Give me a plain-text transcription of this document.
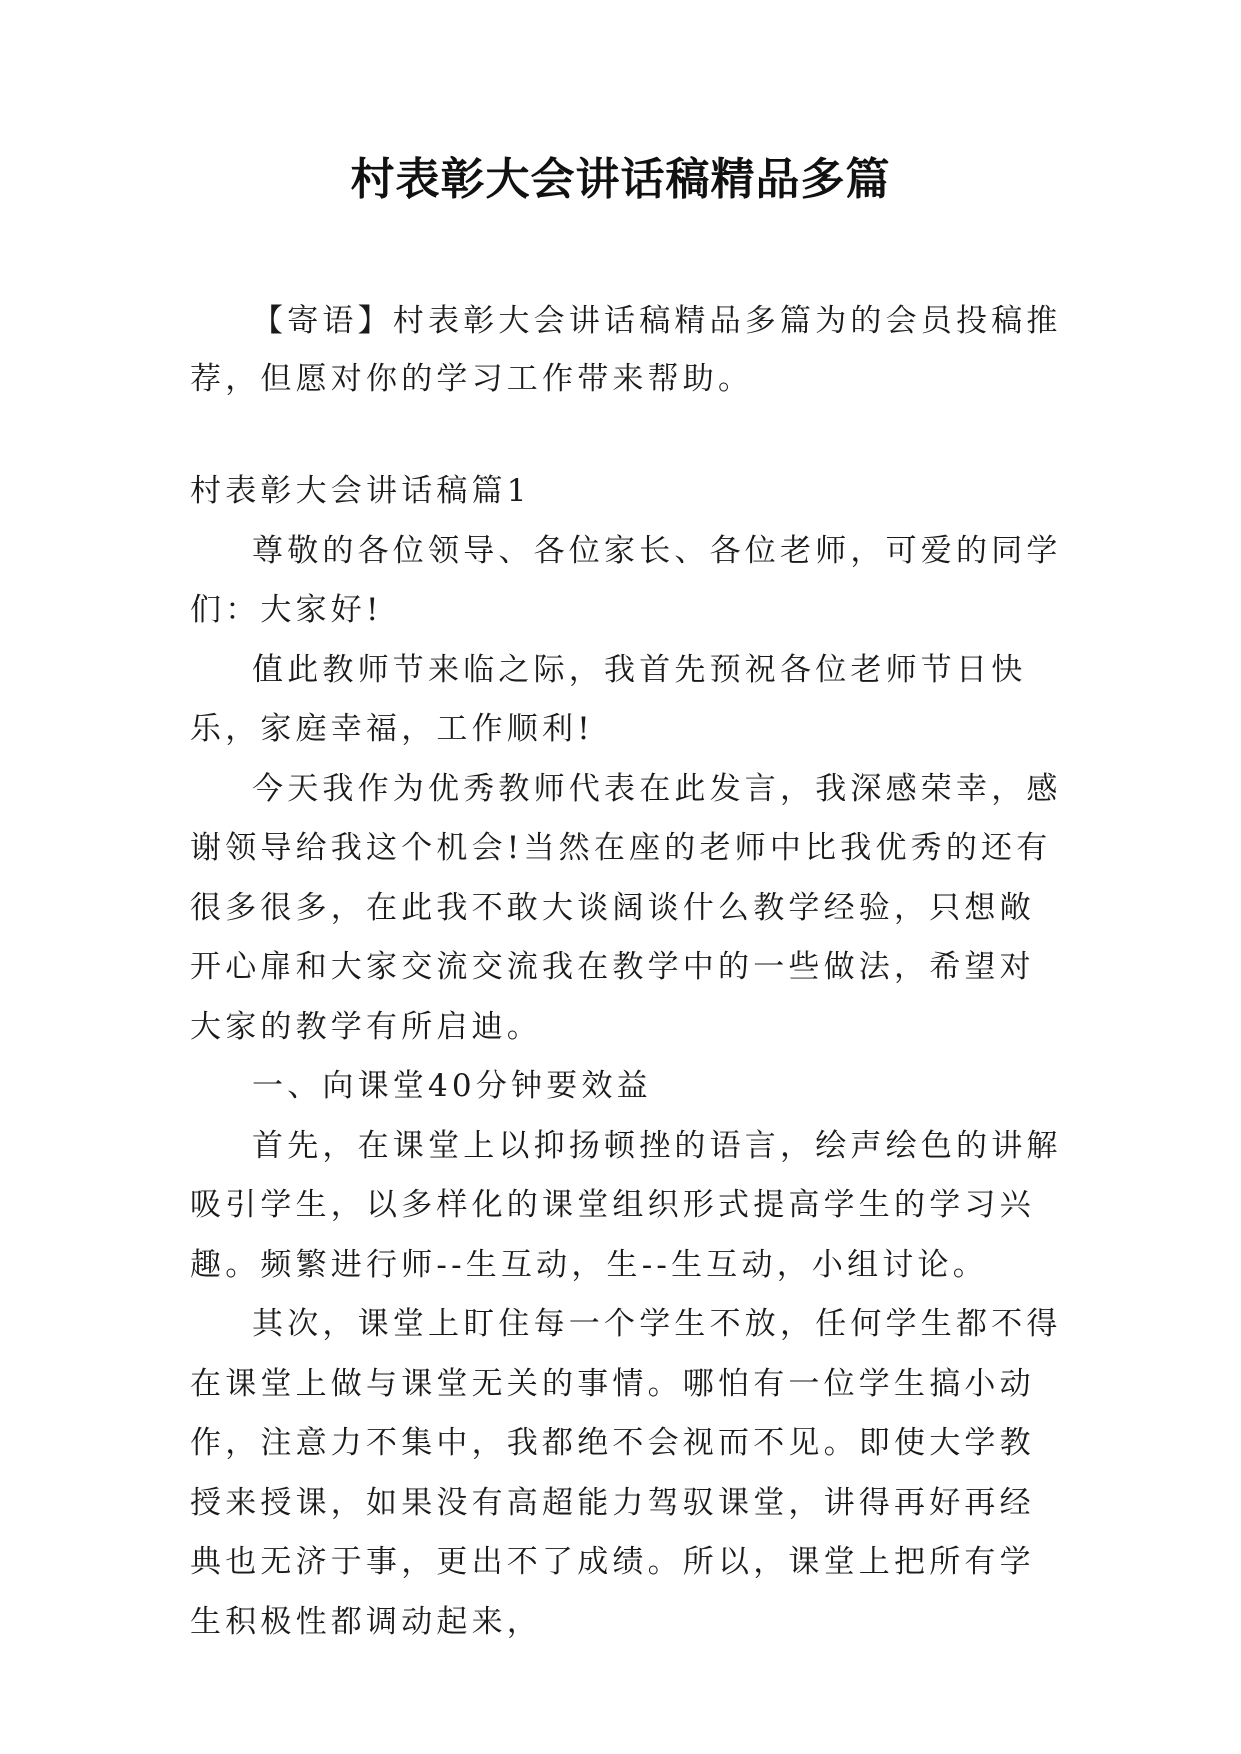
村表彰大会讲话稿精品多篇

【寄语】村表彰大会讲话稿精品多篇为的会员投稿推荐，但愿对你的学习工作带来帮助。

村表彰大会讲话稿篇1

尊敬的各位领导、各位家长、各位老师，可爱的同学们：大家好!

值此教师节来临之际，我首先预祝各位老师节日快乐，家庭幸福，工作顺利!

今天我作为优秀教师代表在此发言，我深感荣幸，感谢领导给我这个机会!当然在座的老师中比我优秀的还有很多很多，在此我不敢大谈阔谈什么教学经验，只想敞开心扉和大家交流交流我在教学中的一些做法，希望对大家的教学有所启迪。

一、向课堂40分钟要效益

首先，在课堂上以抑扬顿挫的语言，绘声绘色的讲解吸引学生，以多样化的课堂组织形式提高学生的学习兴趣。频繁进行师--生互动，生--生互动，小组讨论。

其次，课堂上盯住每一个学生不放，任何学生都不得在课堂上做与课堂无关的事情。哪怕有一位学生搞小动作，注意力不集中，我都绝不会视而不见。即使大学教授来授课，如果没有高超能力驾驭课堂，讲得再好再经典也无济于事，更出不了成绩。所以，课堂上把所有学生积极性都调动起来，
